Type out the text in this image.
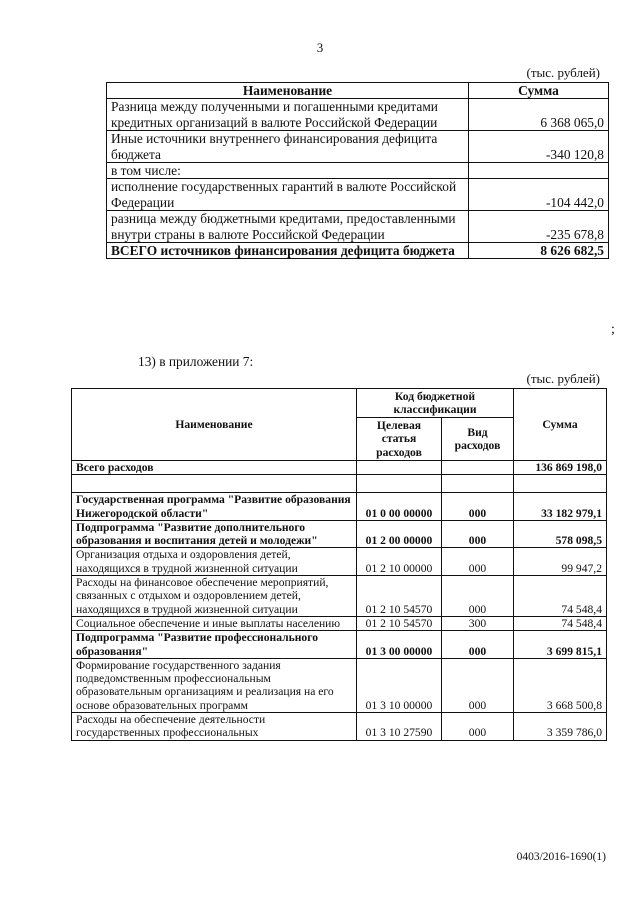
3
(тыс. рублей)
Наименование	Сумма
Разница между полученными и погашенными кредитами кредитных организаций в валюте Российской Федерации	6 368 065,0
Иные источники внутреннего финансирования дефицита бюджета	-340 120,8
в том числе:	
исполнение государственных гарантий в валюте Российской Федерации	-104 442,0
разница между бюджетными кредитами, предоставленными внутри страны в валюте Российской Федерации	-235 678,8
ВСЕГО источников финансирования дефицита бюджета	8 626 682,5
;
13) в приложении 7:
(тыс. рублей)
Наименование	Код бюджетной классификации		Сумма
	Целевая статья расходов	Вид расходов	
Всего расходов			136 869 198,0

Государственная программа "Развитие образования Нижегородской области"	01 0 00 00000	000	33 182 979,1
Подпрограмма "Развитие дополнительного образования и воспитания детей и молодежи"	01 2 00 00000	000	578 098,5
Организация отдыха и оздоровления детей, находящихся в трудной жизненной ситуации	01 2 10 00000	000	99 947,2
Расходы на финансовое обеспечение мероприятий, связанных с отдыхом и оздоровлением детей, находящихся в трудной жизненной ситуации	01 2 10 54570	000	74 548,4
Социальное обеспечение и иные выплаты населению	01 2 10 54570	300	74 548,4
Подпрограмма "Развитие профессионального образования"	01 3 00 00000	000	3 699 815,1
Формирование государственного задания подведомственным профессиональным образовательным организациям и реализация на его основе образовательных программ	01 3 10 00000	000	3 668 500,8
Расходы на обеспечение деятельности государственных профессиональных	01 3 10 27590	000	3 359 786,0
0403/2016-1690(1)
